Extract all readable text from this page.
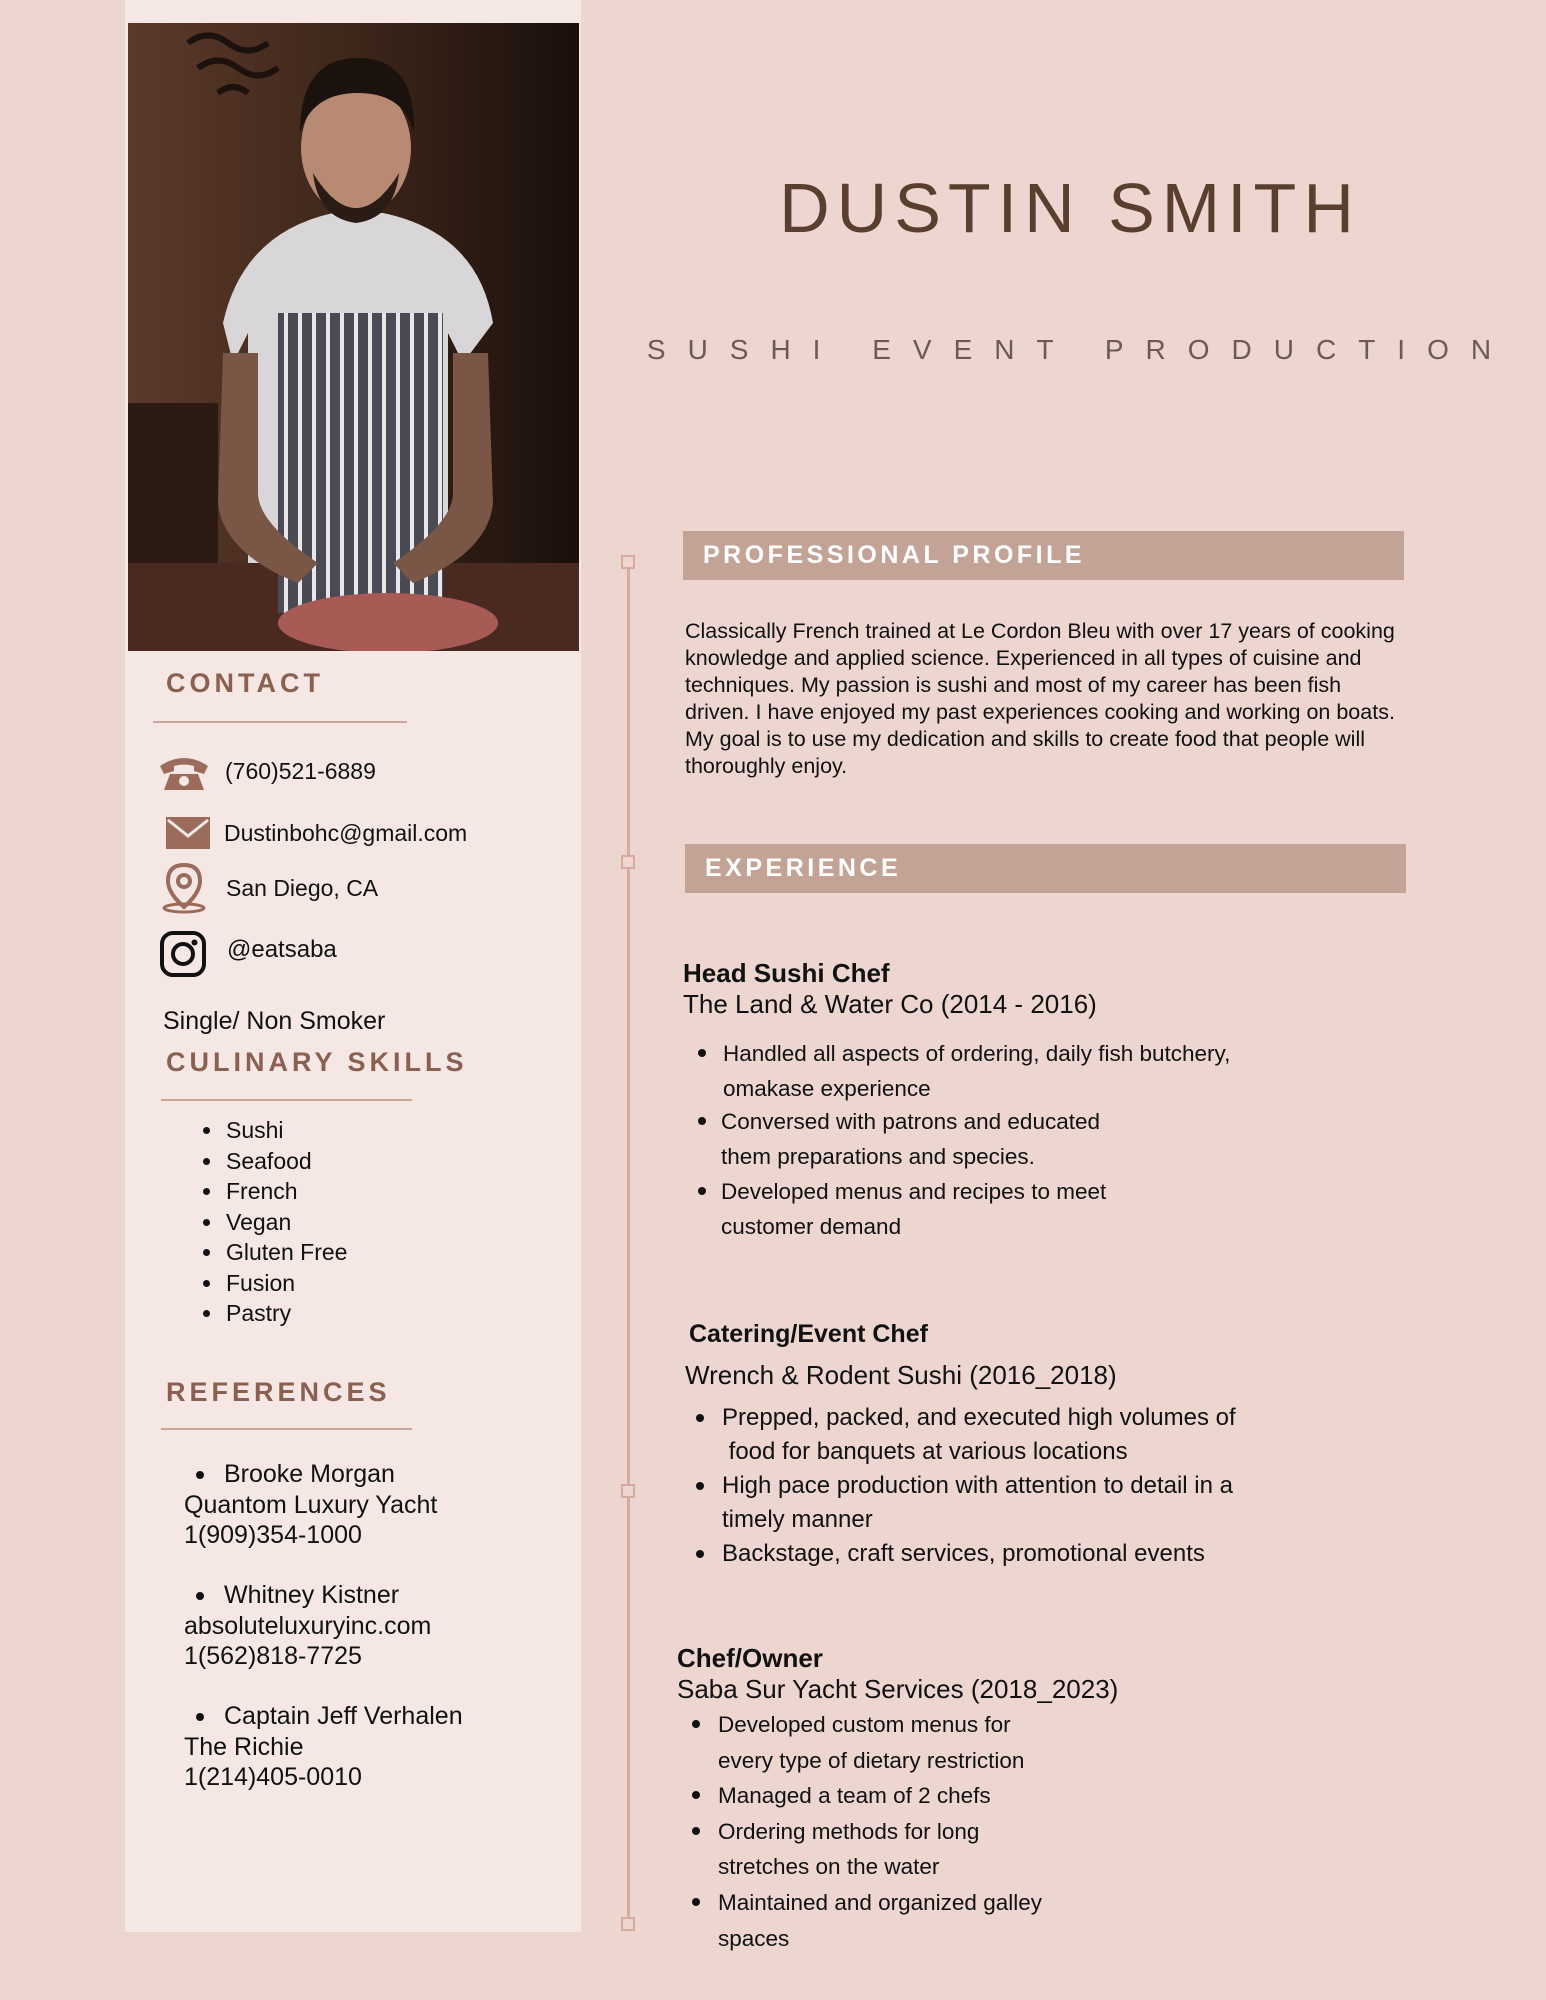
CONTACT
(760)521-6889
Dustinbohc@gmail.com
San Diego, CA
@eatsaba
Single/ Non Smoker
CULINARY SKILLS
• Sushi
• Seafood
• French
• Vegan
• Gluten Free
• Fusion
• Pastry
REFERENCES
Brooke Morgan
Quantom Luxury Yacht
1(909)354-1000
Whitney Kistner
absoluteluxuryinc.com
1(562)818-7725
Captain Jeff Verhalen
The Richie
1(214)405-0010
DUSTIN SMITH
SUSHI EVENT PRODUCTION
PROFESSIONAL PROFILE
Classically French trained at Le Cordon Bleu with over 17 years of cooking knowledge and applied science. Experienced in all types of cuisine and techniques. My passion is sushi and most of my career has been fish driven. I have enjoyed my past experiences cooking and working on boats. My goal is to use my dedication and skills to create food that people will thoroughly enjoy.
EXPERIENCE
Head Sushi Chef
The Land & Water Co (2014 - 2016)
Handled all aspects of ordering, daily fish butchery,
omakase experience
Conversed with patrons and educated
them preparations and species.
Developed menus and recipes to meet
customer demand
Catering/Event Chef
Wrench & Rodent Sushi (2016_2018)
Prepped, packed, and executed high volumes of
food for banquets at various locations
High pace production with attention to detail in a
timely manner
Backstage, craft services, promotional events
Chef/Owner
Saba Sur Yacht Services (2018_2023)
Developed custom menus for
every type of dietary restriction
Managed a team of 2 chefs
Ordering methods for long
stretches on the water
Maintained and organized galley
spaces
